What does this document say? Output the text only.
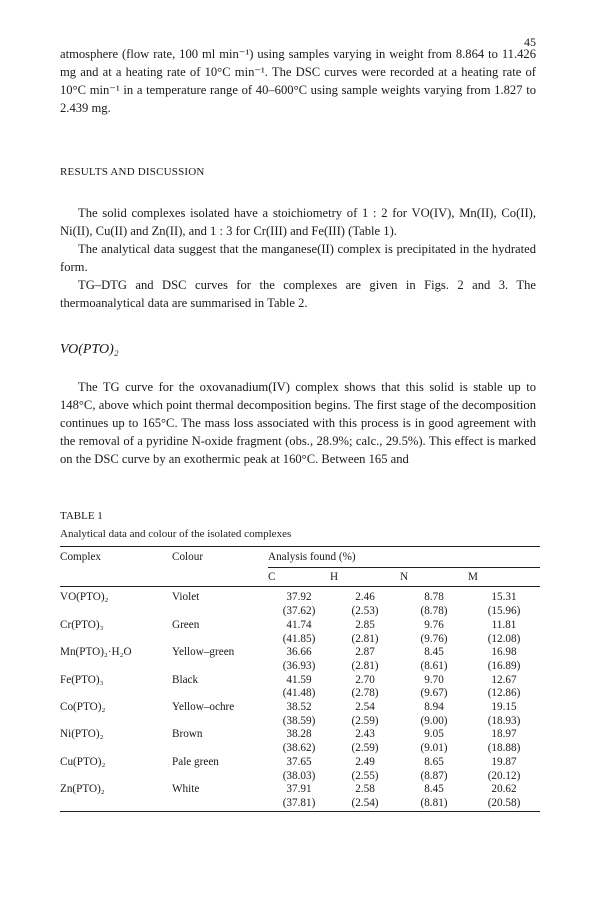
45

atmosphere (flow rate, 100 ml min⁻¹) using samples varying in weight from 8.864 to 11.426 mg and at a heating rate of 10°C min⁻¹. The DSC curves were recorded at a heating rate of 10°C min⁻¹ in a temperature range of 40–600°C using sample weights varying from 1.827 to 2.439 mg.

RESULTS AND DISCUSSION

The solid complexes isolated have a stoichiometry of 1 : 2 for VO(IV), Mn(II), Co(II), Ni(II), Cu(II) and Zn(II), and 1 : 3 for Cr(III) and Fe(III) (Table 1).

The analytical data suggest that the manganese(II) complex is precipitated in the hydrated form.

TG–DTG and DSC curves for the complexes are given in Figs. 2 and 3. The thermoanalytical data are summarised in Table 2.

VO(PTO)₂

The TG curve for the oxovanadium(IV) complex shows that this solid is stable up to 148°C, above which point thermal decomposition begins. The first stage of the decomposition continues up to 165°C. The mass loss associated with this process is in good agreement with the removal of a pyridine N-oxide fragment (obs., 28.9%; calc., 29.5%). This effect is marked on the DSC curve by an exothermic peak at 160°C. Between 165 and

TABLE 1
Analytical data and colour of the isolated complexes
Complex	Colour	Analysis found (%)			
		C	H	N	M

VO(PTO)₂	Violet	37.92	2.46	8.78	15.31
		(37.62)	(2.53)	(8.78)	(15.96)
Cr(PTO)₃	Green	41.74	2.85	9.76	11.81
		(41.85)	(2.81)	(9.76)	(12.08)
Mn(PTO)₂·H₂O	Yellow–green	36.66	2.87	8.45	16.98
		(36.93)	(2.81)	(8.61)	(16.89)
Fe(PTO)₃	Black	41.59	2.70	9.70	12.67
		(41.48)	(2.78)	(9.67)	(12.86)
Co(PTO)₂	Yellow–ochre	38.52	2.54	8.94	19.15
		(38.59)	(2.59)	(9.00)	(18.93)
Ni(PTO)₂	Brown	38.28	2.43	9.05	18.97
		(38.62)	(2.59)	(9.01)	(18.88)
Cu(PTO)₂	Pale green	37.65	2.49	8.65	19.87
		(38.03)	(2.55)	(8.87)	(20.12)
Zn(PTO)₂	White	37.91	2.58	8.45	20.62
		(37.81)	(2.54)	(8.81)	(20.58)
